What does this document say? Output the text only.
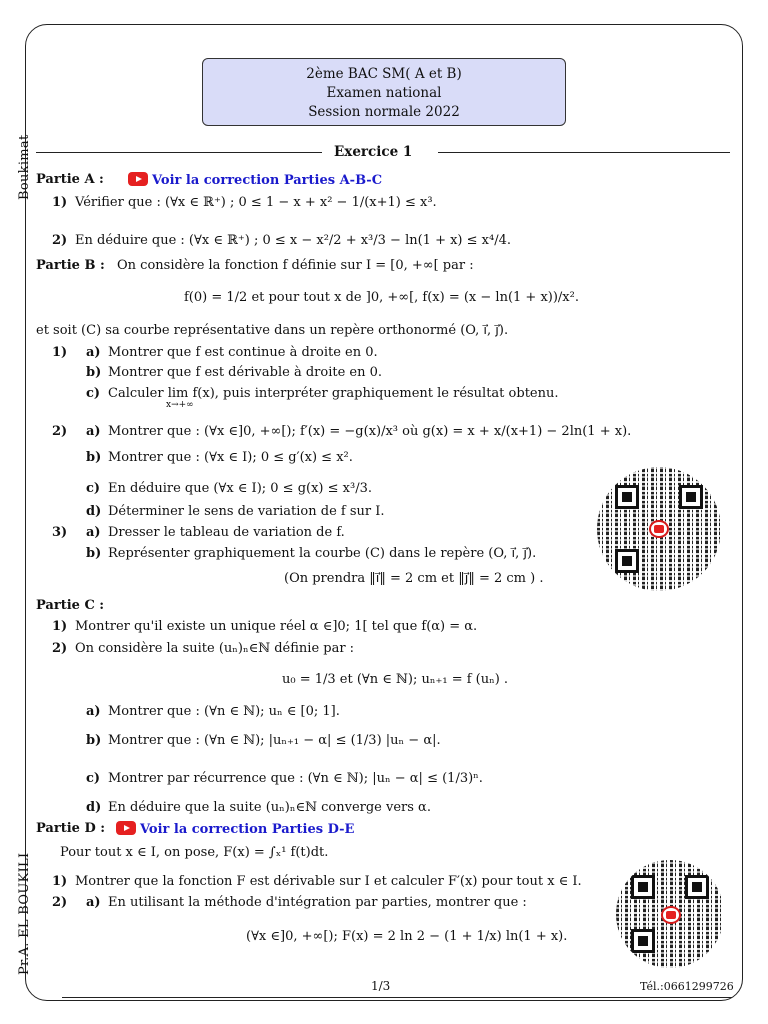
Boukimat
Pr.A. EL BOUKILI
2ème BAC SM( A et B)
Examen national
Session normale 2022
Exercice 1
Partie A :	Voir la correction Parties A-B-C
1) Vérifier que : (∀x ∈ ℝ⁺) ; 0 ≤ 1 − x + x² − 1/(x+1) ≤ x³.
2) En déduire que : (∀x ∈ ℝ⁺) ; 0 ≤ x − x²/2 + x³/3 − ln(1 + x) ≤ x⁴/4.
Partie B : On considère la fonction f définie sur I = [0, +∞[ par :
f(0) = 1/2 et pour tout x de ]0, +∞[, f(x) = (x − ln(1 + x))/x².
et soit (C) sa courbe représentative dans un repère orthonormé (O, i⃗, j⃗).
1) a) Montrer que f est continue à droite en 0.
b) Montrer que f est dérivable à droite en 0.
c) Calculer lim f(x), puis interpréter graphiquement le résultat obtenu.
x→+∞
2) a) Montrer que : (∀x ∈]0, +∞[); f′(x) = −g(x)/x³ où g(x) = x + x/(x+1) − 2ln(1 + x).
b) Montrer que : (∀x ∈ I); 0 ≤ g′(x) ≤ x².
c) En déduire que (∀x ∈ I); 0 ≤ g(x) ≤ x³/3.
d) Déterminer le sens de variation de f sur I.
3) a) Dresser le tableau de variation de f.
b) Représenter graphiquement la courbe (C) dans le repère (O, i⃗, j⃗).
(On prendra ‖i⃗‖ = 2 cm et ‖j⃗‖ = 2 cm ) .
Partie C :
1) Montrer qu'il existe un unique réel α ∈]0; 1[ tel que f(α) = α.
2) On considère la suite (uₙ)ₙ∈ℕ définie par :
u₀ = 1/3 et (∀n ∈ ℕ); uₙ₊₁ = f (uₙ) .
a) Montrer que : (∀n ∈ ℕ); uₙ ∈ [0; 1].
b) Montrer que : (∀n ∈ ℕ); |uₙ₊₁ − α| ≤ (1/3) |uₙ − α|.
c) Montrer par récurrence que : (∀n ∈ ℕ); |uₙ − α| ≤ (1/3)ⁿ.
d) En déduire que la suite (uₙ)ₙ∈ℕ converge vers α.
Partie D :	Voir la correction Parties D-E
Pour tout x ∈ I, on pose, F(x) = ∫ₓ¹ f(t)dt.
1) Montrer que la fonction F est dérivable sur I et calculer F′(x) pour tout x ∈ I.
2) a) En utilisant la méthode d'intégration par parties, montrer que :
(∀x ∈]0, +∞[); F(x) = 2 ln 2 − (1 + 1/x) ln(1 + x).
1/3	Tél.:0661299726
